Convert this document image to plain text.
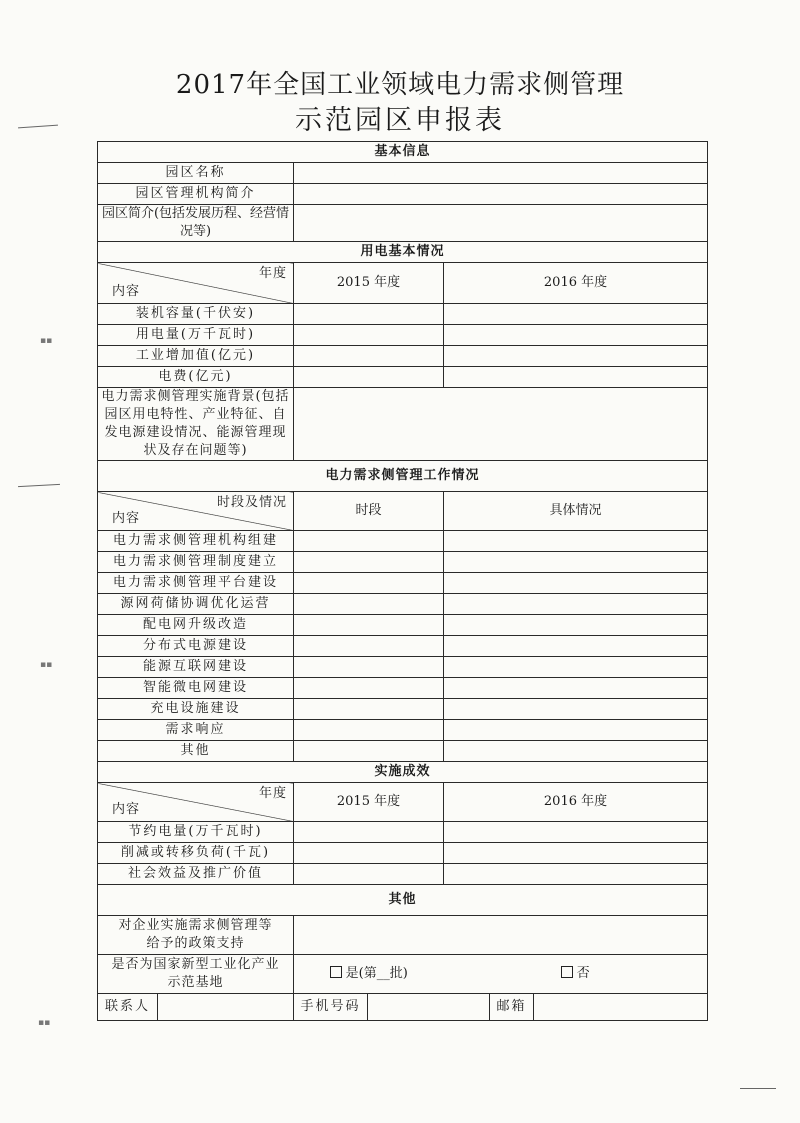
2017年全国工业领域电力需求侧管理
示范园区申报表
基本信息						
园区名称						
园区管理机构简介						
园区简介(包括发展历程、经营情况等)						
用电基本情况						

年度
内容		2015 年度		2016 年度		
装机容量(千伏安)						
用电量(万千瓦时)						
工业增加值(亿元)						
电费(亿元)						
电力需求侧管理实施背景(包括园区用电特性、产业特征、自发电源建设情况、能源管理现状及存在问题等)						
电力需求侧管理工作情况						

时段及情况
内容		时段		具体情况		
电力需求侧管理机构组建						
电力需求侧管理制度建立						
电力需求侧管理平台建设						
源网荷储协调优化运营						
配电网升级改造						
分布式电源建设						
能源互联网建设						
智能微电网建设						
充电设施建设						
需求响应						
其他						
实施成效						

年度
内容		2015 年度		2016 年度		
节约电量(万千瓦时)						
削减或转移负荷(千瓦)						
社会效益及推广价值						
其他						
对企业实施需求侧管理等
给予的政策支持						
是否为国家新型工业化产业
示范基地		是(第__批)		否		
联系人		手机号码			邮箱	
▪▪
▪▪
▪▪
